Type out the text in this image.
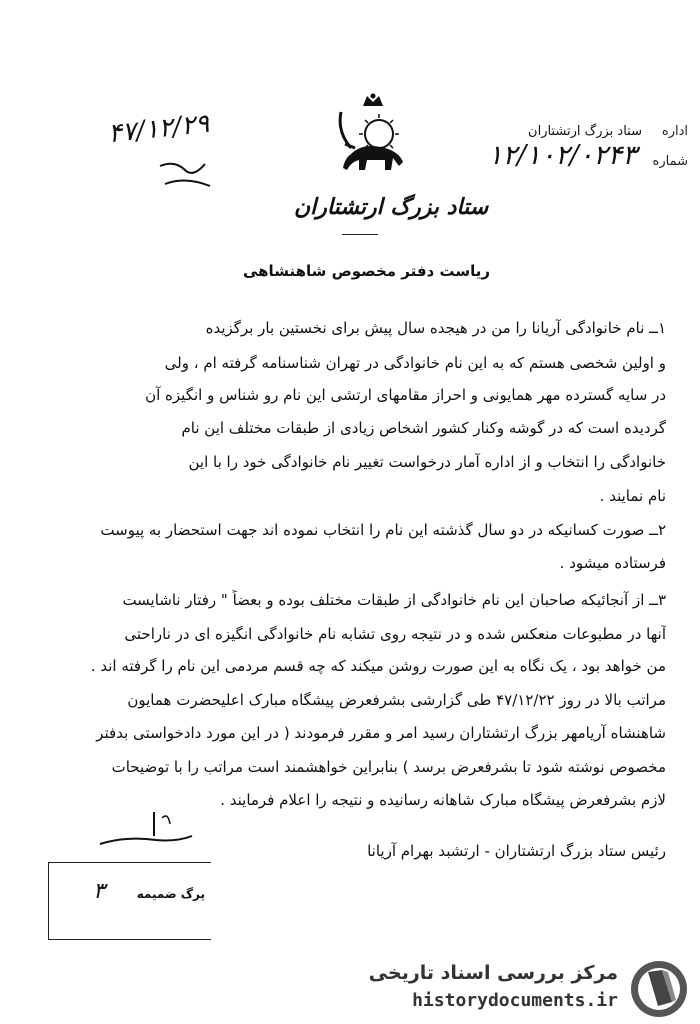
اداره
ستاد بزرگ ارتشتاران
شماره
۱۲/۱۰۲/۰۲۴۳
۴۷/۱۲/۲۹
ستاد بزرگ ارتشتاران
ریاست دفتر مخصوص شاهنشاهی
۱ــ نام خانوادگی آریانا را من در هیجده سال پیش برای نخستین بار برگزیده
و اولین شخصی هستم که به این نام خانوادگی در تهران شناسنامه گرفته ام ، ولی
در سایه گسترده مهر همایونی و احراز مقامهای ارتشی این نام رو شناس و انگیزه آن
گردیده است که در گوشه وکنار کشور اشخاص زیادی از طبقات مختلف این نام
خانوادگی را انتخاب و از اداره آمار درخواست تغییر نام خانوادگی خود را با این
نام نمایند .
۲ــ صورت کسانیکه در دو سال گذشته این نام را انتخاب نموده اند جهت استحضار به پیوست
فرستاده میشود .
۳ــ از آنجائیکه صاحبان این نام خانوادگی از طبقات مختلف بوده و بعضاً " رفتار ناشایست
آنها در مطبوعات منعکس شده و در نتیجه روی تشابه نام خانوادگی انگیزه ای در ناراحتی
من خواهد بود ، یک نگاه به این صورت روشن میکند که چه قسم مردمی این نام را گرفته اند .
مراتب بالا در روز ۴۷/۱۲/۲۲ طی گزارشی بشرفعرض پیشگاه مبارک اعلیحضرت همایون
شاهنشاه آریامهر بزرگ ارتشتاران رسید امر و مقرر فرمودند ( در این مورد دادخواستی بدفتر
مخصوص نوشته شود تا بشرفعرض برسد ) بنابراین خواهشمند است مراتب را با توضیحات
لازم بشرفعرض پیشگاه مبارک شاهانه رسانیده و نتیجه را اعلام فرمایند .
رئیس ستاد بزرگ ارتشتاران - ارتشبد بهرام آریانا
پرگ ضمیمه
۳
مرکز بررسی اسناد تاریخی
historydocuments.ir
